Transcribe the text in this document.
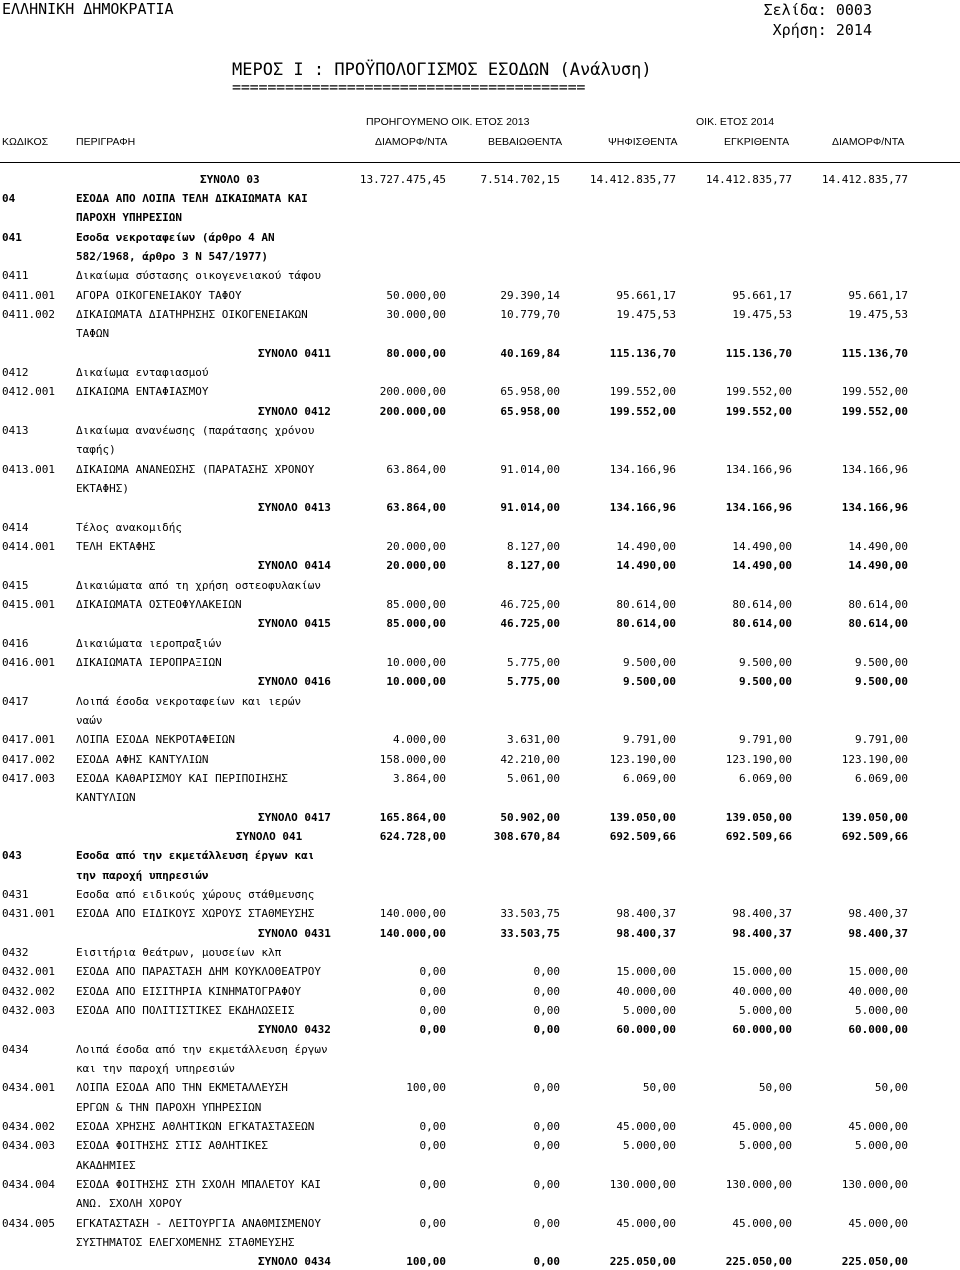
ΕΛΛΗΝΙΚΗ ΔΗΜΟΚΡΑΤΙΑ	Σελίδα: 0003
Χρήση: 2014
ΜΕΡΟΣ Ι : ΠΡΟΫΠΟΛΟΓΙΣΜΟΣ ΕΣΟΔΩΝ (Ανάλυση)
========================================
ΠΡΟΗΓΟΥΜΕΝΟ ΟΙΚ. ΕΤΟΣ 2013	ΟΙΚ. ΕΤΟΣ 2014
ΚΩΔΙΚΟΣ	ΠΕΡΙΓΡΑΦΗ	ΔΙΑΜΟΡΦ/ΝΤΑ	ΒΕΒΑΙΩΘΕΝΤΑ	ΨΗΦΙΣΘΕΝΤΑ	ΕΓΚΡΙΘΕΝΤΑ	ΔΙΑΜΟΡΦ/ΝΤΑ
ΣΥΝΟΛΟ 03	13.727.475,45	7.514.702,15	14.412.835,77	14.412.835,77	14.412.835,77
04	ΕΣΟΔΑ ΑΠΟ ΛΟΙΠΑ ΤΕΛΗ ΔΙΚΑΙΩΜΑΤΑ ΚΑΙ
ΠΑΡΟΧΗ ΥΠΗΡΕΣΙΩΝ
041	Εσοδα νεκροταφείων (άρθρο 4 ΑΝ
582/1968, άρθρο 3 Ν 547/1977)
0411	Δικαίωμα σύστασης οικογενειακού τάφου
0411.001 ΑΓΟΡΑ ΟΙΚΟΓΕΝΕΙΑΚΟΥ ΤΑΦΟΥ	50.000,00	29.390,14	95.661,17	95.661,17	95.661,17
0411.002 ΔΙΚΑΙΩΜΑΤΑ ΔΙΑΤΗΡΗΣΗΣ ΟΙΚΟΓΕΝΕΙΑΚΩΝ	30.000,00	10.779,70	19.475,53	19.475,53	19.475,53
ΤΑΦΩΝ
ΣΥΝΟΛΟ 0411	80.000,00	40.169,84	115.136,70	115.136,70	115.136,70
0412	Δικαίωμα ενταφιασμού
0412.001 ΔΙΚΑΙΩΜΑ ΕΝΤΑΦΙΑΣΜΟΥ	200.000,00	65.958,00	199.552,00	199.552,00	199.552,00
ΣΥΝΟΛΟ 0412	200.000,00	65.958,00	199.552,00	199.552,00	199.552,00
0413	Δικαίωμα ανανέωσης (παράτασης χρόνου
ταφής)
0413.001 ΔΙΚΑΙΩΜΑ ΑΝΑΝΕΩΣΗΣ (ΠΑΡΑΤΑΣΗΣ ΧΡΟΝΟΥ	63.864,00	91.014,00	134.166,96	134.166,96	134.166,96
ΕΚΤΑΦΗΣ)
ΣΥΝΟΛΟ 0413	63.864,00	91.014,00	134.166,96	134.166,96	134.166,96
0414	Τέλος ανακομιδής
0414.001 ΤΕΛΗ ΕΚΤΑΦΗΣ	20.000,00	8.127,00	14.490,00	14.490,00	14.490,00
ΣΥΝΟΛΟ 0414	20.000,00	8.127,00	14.490,00	14.490,00	14.490,00
0415	Δικαιώματα από τη χρήση οστεοφυλακίων
0415.001 ΔΙΚΑΙΩΜΑΤΑ ΟΣΤΕΟΦΥΛΑΚΕΙΩΝ	85.000,00	46.725,00	80.614,00	80.614,00	80.614,00
ΣΥΝΟΛΟ 0415	85.000,00	46.725,00	80.614,00	80.614,00	80.614,00
0416	Δικαιώματα ιεροπραξιών
0416.001 ΔΙΚΑΙΩΜΑΤΑ ΙΕΡΟΠΡΑΞΙΩΝ	10.000,00	5.775,00	9.500,00	9.500,00	9.500,00
ΣΥΝΟΛΟ 0416	10.000,00	5.775,00	9.500,00	9.500,00	9.500,00
0417	Λοιπά έσοδα νεκροταφείων και ιερών
ναών
0417.001 ΛΟΙΠΑ ΕΣΟΔΑ ΝΕΚΡΟΤΑΦΕΙΩΝ	4.000,00	3.631,00	9.791,00	9.791,00	9.791,00
0417.002 ΕΣΟΔΑ ΑΦΗΣ ΚΑΝΤΥΛΙΩΝ	158.000,00	42.210,00	123.190,00	123.190,00	123.190,00
0417.003 ΕΣΟΔΑ ΚΑΘΑΡΙΣΜΟΥ ΚΑΙ ΠΕΡΙΠΟΙΗΣΗΣ	3.864,00	5.061,00	6.069,00	6.069,00	6.069,00
ΚΑΝΤΥΛΙΩΝ
ΣΥΝΟΛΟ 0417	165.864,00	50.902,00	139.050,00	139.050,00	139.050,00
ΣΥΝΟΛΟ 041	624.728,00	308.670,84	692.509,66	692.509,66	692.509,66
043	Εσοδα από την εκμετάλλευση έργων και
την παροχή υπηρεσιών
0431	Εσοδα από ειδικούς χώρους στάθμευσης
0431.001 ΕΣΟΔΑ ΑΠΟ ΕΙΔΙΚΟΥΣ ΧΩΡΟΥΣ ΣΤΑΘΜΕΥΣΗΣ	140.000,00	33.503,75	98.400,37	98.400,37	98.400,37
ΣΥΝΟΛΟ 0431	140.000,00	33.503,75	98.400,37	98.400,37	98.400,37
0432	Εισιτήρια θεάτρων, μουσείων κλπ
0432.001 ΕΣΟΔΑ ΑΠΟ ΠΑΡΑΣΤΑΣΗ ΔΗΜ ΚΟΥΚΛΟΘΕΑΤΡΟΥ	0,00	0,00	15.000,00	15.000,00	15.000,00
0432.002 ΕΣΟΔΑ ΑΠΟ ΕΙΣΙΤΗΡΙΑ ΚΙΝΗΜΑΤΟΓΡΑΦΟΥ	0,00	0,00	40.000,00	40.000,00	40.000,00
0432.003 ΕΣΟΔΑ ΑΠΟ ΠΟΛΙΤΙΣΤΙΚΕΣ ΕΚΔΗΛΩΣΕΙΣ	0,00	0,00	5.000,00	5.000,00	5.000,00
ΣΥΝΟΛΟ 0432	0,00	0,00	60.000,00	60.000,00	60.000,00
0434	Λοιπά έσοδα από την εκμετάλλευση έργων
και την παροχή υπηρεσιών
0434.001 ΛΟΙΠΑ ΕΣΟΔΑ ΑΠΟ ΤΗΝ ΕΚΜΕΤΑΛΛΕΥΣΗ	100,00	0,00	50,00	50,00	50,00
ΕΡΓΩΝ & ΤΗΝ ΠΑΡΟΧΗ ΥΠΗΡΕΣΙΩΝ
0434.002 ΕΣΟΔΑ ΧΡΗΣΗΣ ΑΘΛΗΤΙΚΩΝ ΕΓΚΑΤΑΣΤΑΣΕΩΝ	0,00	0,00	45.000,00	45.000,00	45.000,00
0434.003 ΕΣΟΔΑ ΦΟΙΤΗΣΗΣ ΣΤΙΣ ΑΘΛΗΤΙΚΕΣ	0,00	0,00	5.000,00	5.000,00	5.000,00
ΑΚΑΔΗΜΙΕΣ
0434.004 ΕΣΟΔΑ ΦΟΙΤΗΣΗΣ ΣΤΗ ΣΧΟΛΗ ΜΠΑΛΕΤΟΥ ΚΑΙ	0,00	0,00	130.000,00	130.000,00	130.000,00
ΑΝΩ. ΣΧΟΛΗ ΧΟΡΟΥ
0434.005 ΕΓΚΑΤΑΣΤΑΣΗ - ΛΕΙΤΟΥΡΓΙΑ ΑΝΑΘΜΙΣΜΕΝΟΥ	0,00	0,00	45.000,00	45.000,00	45.000,00
ΣΥΣΤΗΜΑΤΟΣ ΕΛΕΓΧΟΜΕΝΗΣ ΣΤΑΘΜΕΥΣΗΣ
ΣΥΝΟΛΟ 0434	100,00	0,00	225.050,00	225.050,00	225.050,00
